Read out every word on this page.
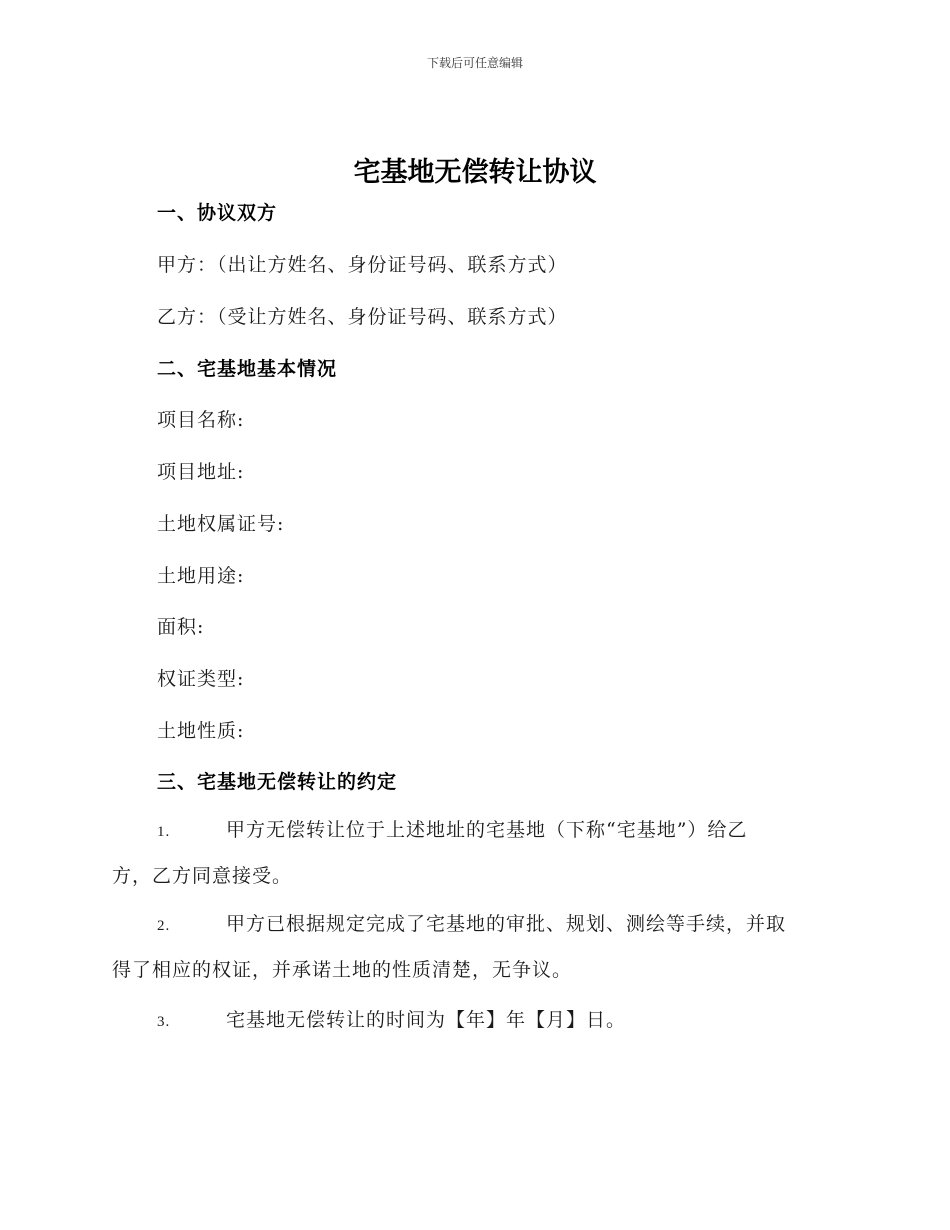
下载后可任意编辑
宅基地无偿转让协议
一、协议双方
甲方：（出让方姓名、身份证号码、联系方式）
乙方：（受让方姓名、身份证号码、联系方式）
二、宅基地基本情况
项目名称:
项目地址:
土地权属证号:
土地用途:
面积:
权证类型:
土地性质:
三、宅基地无偿转让的约定
1.	甲方无偿转让位于上述地址的宅基地（下称“宅基地”）给乙
方，乙方同意接受。
2.	甲方已根据规定完成了宅基地的审批、规划、测绘等手续，并取
得了相应的权证，并承诺土地的性质清楚，无争议。
3.	宅基地无偿转让的时间为【年】年【月】日。
